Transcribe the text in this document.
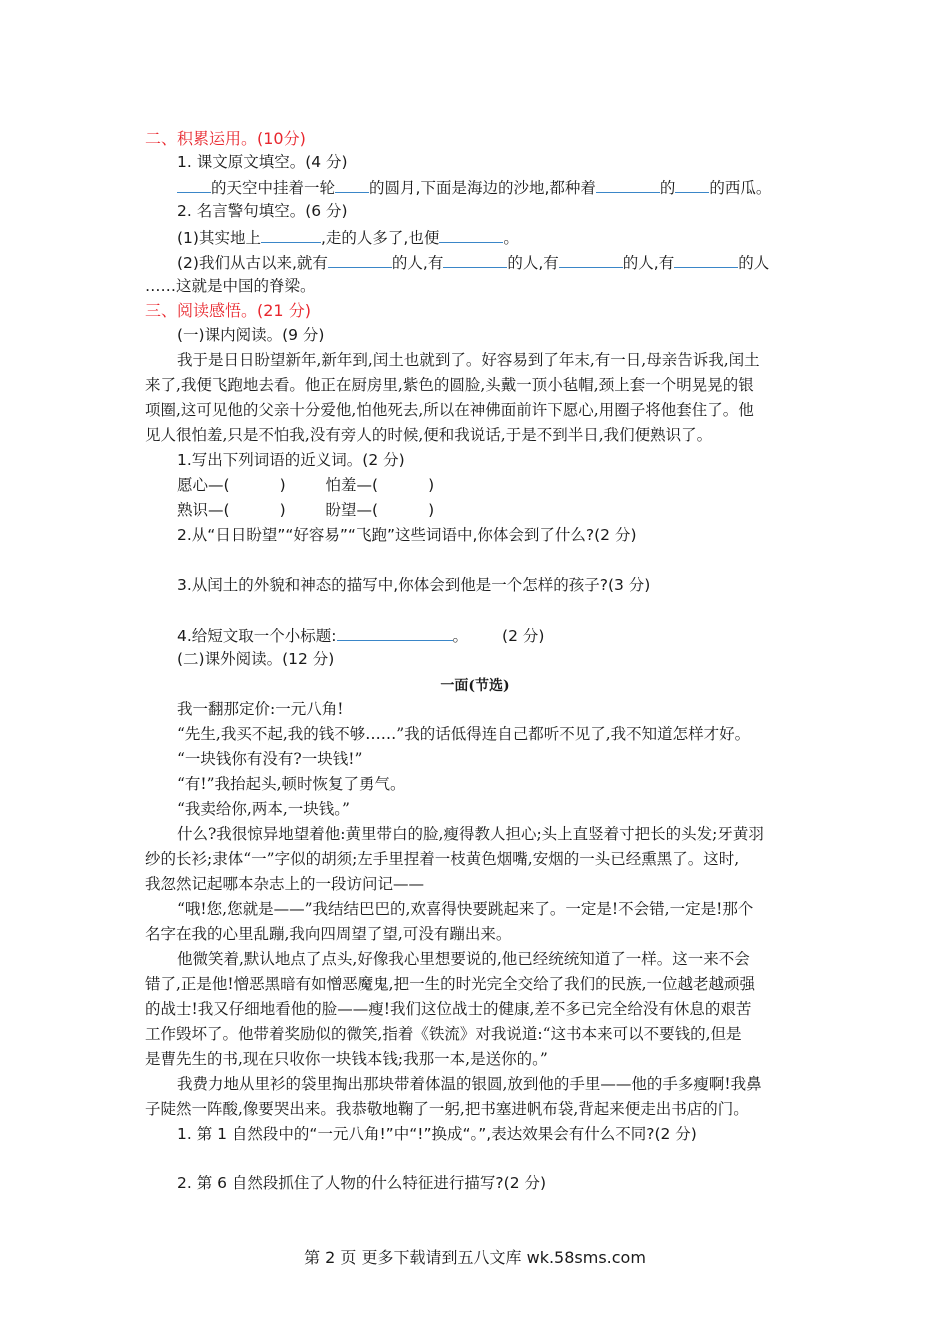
二、积累运用。(10分)
1. 课文原文填空。(4 分)
的天空中挂着一轮 的圆月,下面是海边的沙地,都种着	的 的西瓜。
2. 名言警句填空。(6 分)
(1)其实地上	,走的人多了,也便	。
(2)我们从古以来,就有	的人,有	的人,有	的人,有	的人
……这就是中国的脊梁。
三、阅读感悟。(21 分)
(一)课内阅读。(9 分)
我于是日日盼望新年,新年到,闰土也就到了。好容易到了年末,有一日,母亲告诉我,闰土
来了,我便飞跑地去看。他正在厨房里,紫色的圆脸,头戴一顶小毡帽,颈上套一个明晃晃的银
项圈,这可见他的父亲十分爱他,怕他死去,所以在神佛面前许下愿心,用圈子将他套住了。他
见人很怕羞,只是不怕我,没有旁人的时候,便和我说话,于是不到半日,我们便熟识了。
1.写出下列词语的近义词。(2 分)
愿心—(	)	怕羞—(	)
熟识—(	)	盼望—(	)
2.从“日日盼望”“好容易”“飞跑”这些词语中,你体会到了什么?(2 分)
3.从闰土的外貌和神态的描写中,你体会到他是一个怎样的孩子?(3 分)
4.给短文取一个小标题:	。 (2 分)
(二)课外阅读。(12 分)
一面(节选)
我一翻那定价:一元八角!
“先生,我买不起,我的钱不够……”我的话低得连自己都听不见了,我不知道怎样才好。
“一块钱你有没有?一块钱!”
“有!”我抬起头,顿时恢复了勇气。
“我卖给你,两本,一块钱。”
什么?我很惊异地望着他:黄里带白的脸,瘦得教人担心;头上直竖着寸把长的头发;牙黄羽
纱的长衫;隶体“一”字似的胡须;左手里捏着一枝黄色烟嘴,安烟的一头已经熏黑了。这时,
我忽然记起哪本杂志上的一段访问记——
“哦!您,您就是——”我结结巴巴的,欢喜得快要跳起来了。一定是!不会错,一定是!那个
名字在我的心里乱蹦,我向四周望了望,可没有蹦出来。
他微笑着,默认地点了点头,好像我心里想要说的,他已经统统知道了一样。这一来不会
错了,正是他!憎恶黑暗有如憎恶魔鬼,把一生的时光完全交给了我们的民族,一位越老越顽强
的战士!我又仔细地看他的脸——瘦!我们这位战士的健康,差不多已完全给没有休息的艰苦
工作毁坏了。他带着奖励似的微笑,指着《铁流》对我说道:“这书本来可以不要钱的,但是
是曹先生的书,现在只收你一块钱本钱;我那一本,是送你的。”
我费力地从里衫的袋里掏出那块带着体温的银圆,放到他的手里——他的手多瘦啊!我鼻
子陡然一阵酸,像要哭出来。我恭敬地鞠了一躬,把书塞进帆布袋,背起来便走出书店的门。
1. 第 1 自然段中的“一元八角!”中“!”换成“。”,表达效果会有什么不同?(2 分)
2. 第 6 自然段抓住了人物的什么特征进行描写?(2 分)
第 2 页 更多下载请到五八文库 wk.58sms.com
